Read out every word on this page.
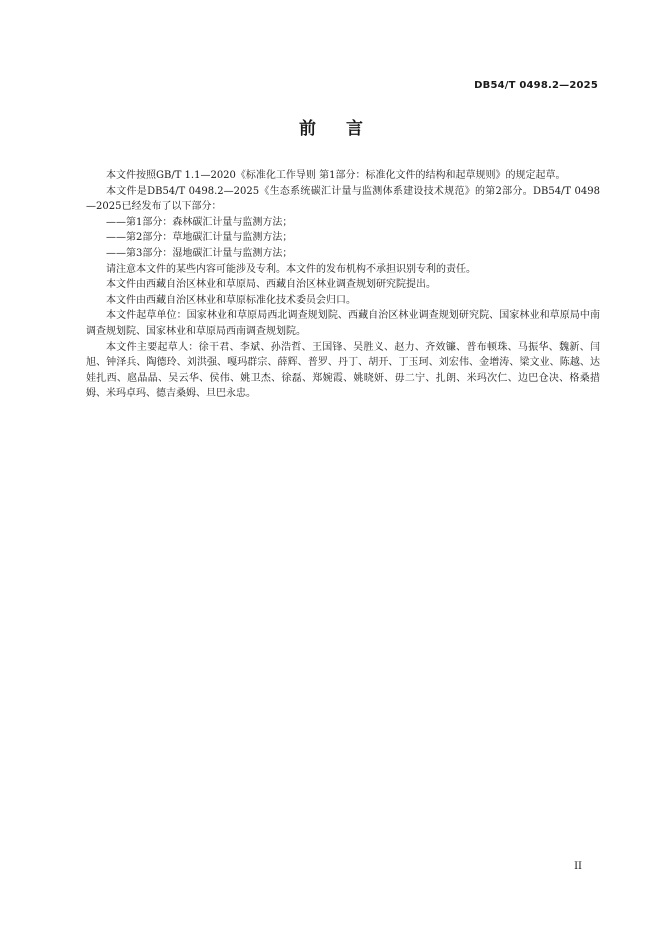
DB54/T 0498.2—2025
前 言

本文件按照GB/T 1.1—2020《标准化工作导则 第1部分：标准化文件的结构和起草规则》的规定起草。

本文件是DB54/T 0498.2—2025《生态系统碳汇计量与监测体系建设技术规范》的第2部分。DB54/T 0498—2025已经发布了以下部分：

——第1部分：森林碳汇计量与监测方法；

——第2部分：草地碳汇计量与监测方法；

——第3部分：湿地碳汇计量与监测方法；

请注意本文件的某些内容可能涉及专利。本文件的发布机构不承担识别专利的责任。

本文件由西藏自治区林业和草原局、西藏自治区林业调查规划研究院提出。

本文件由西藏自治区林业和草原标准化技术委员会归口。

本文件起草单位：国家林业和草原局西北调查规划院、西藏自治区林业调查规划研究院、国家林业和草原局中南调查规划院、国家林业和草原局西南调查规划院。

本文件主要起草人：徐干君、李斌、孙浩哲、王国锋、吴胜义、赵力、齐效镰、普布顿珠、马振华、魏新、闫旭、钟泽兵、陶德玲、刘洪强、嘎玛群宗、薛辉、普罗、丹丁、胡开、丁玉珂、刘宏伟、金增涛、梁文业、陈越、达娃扎西、扈晶晶、吴云华、侯伟、姚卫杰、徐磊、郑婉霞、姚晓妍、毋二宁、扎朗、米玛次仁、边巴仓决、格桑措姆、米玛卓玛、德吉桑姆、旦巴永忠。

II
